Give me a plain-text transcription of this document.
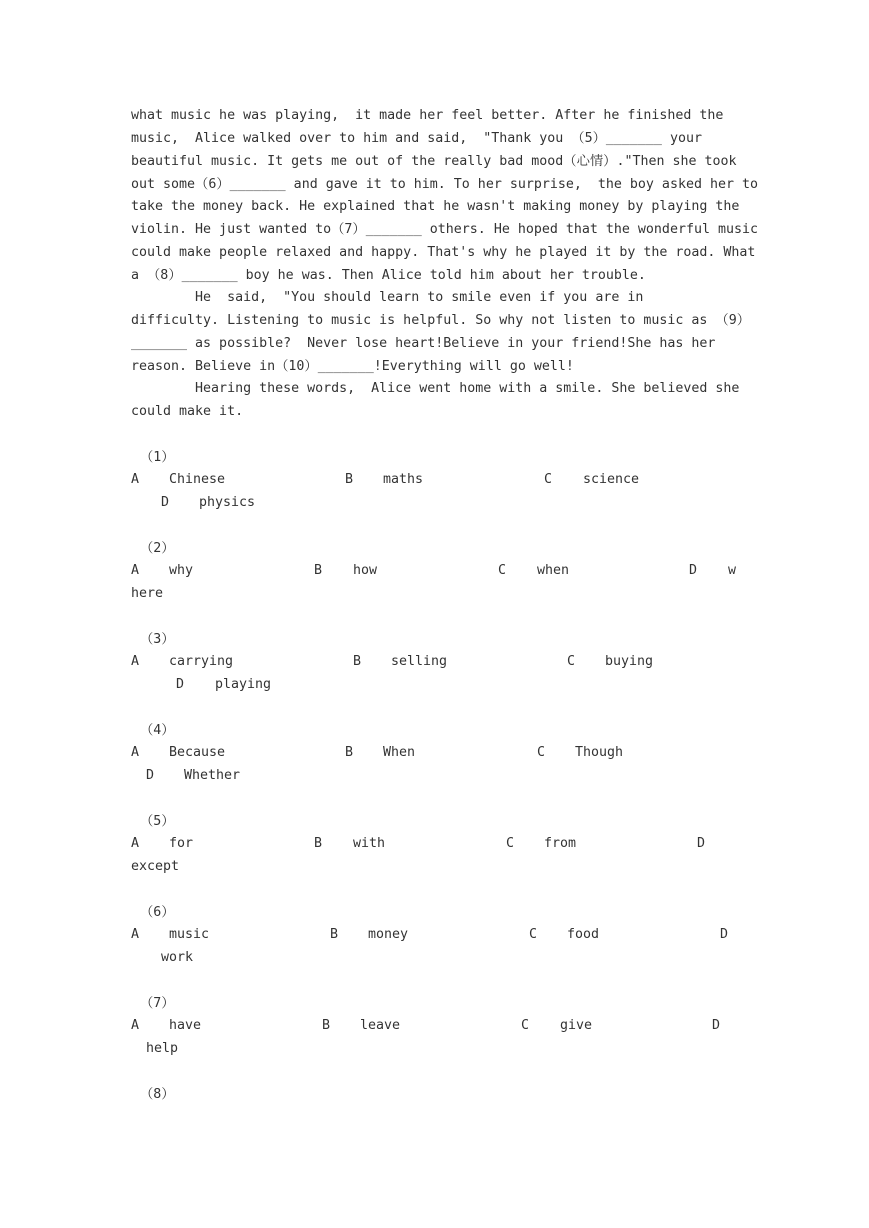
what music he was playing,  it made her feel better. After he finished the
music,  Alice walked over to him and said,  "Thank you （5）_______ your
beautiful music. It gets me out of the really bad mood（心情）."Then she took
out some（6）_______ and gave it to him. To her surprise,  the boy asked her to
take the money back. He explained that he wasn't making money by playing the
violin. He just wanted to（7）_______ others. He hoped that the wonderful music
could make people relaxed and happy. That's why he played it by the road. What
a （8）_______ boy he was. Then Alice told him about her trouble.
He  said,  "You should learn to smile even if you are in
difficulty. Listening to music is helpful. So why not listen to music as （9）
_______ as possible?  Never lose heart!Believe in your friend!She has her
reason. Believe in（10）_______!Everything will go well!
Hearing these words,  Alice went home with a smile. She believed she
could make it.
（1）
A Chinese	B maths	C science
D physics
（2）
A why	B how	C when	D w
here
（3）
A carrying	B selling	C buying
D playing
（4）
A Because	B When	C Though
D Whether
（5）
A for	B with	C from	D
except
（6）
A music	B money	C food	D
work
（7）
A have	B leave	C give	D
help
（8）
